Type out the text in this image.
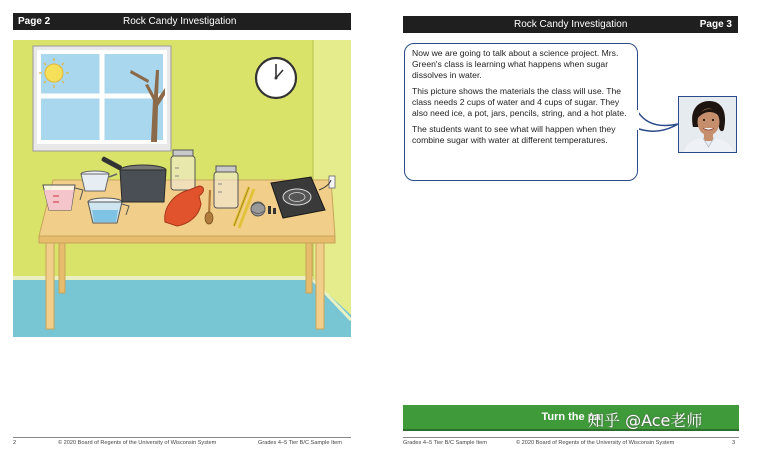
Page 2	Rock Candy Investigation	Rock Candy Investigation	Page 3

Now we are going to talk about a science project. Mrs. Green's class is learning what happens when sugar dissolves in water.

This picture shows the materials the class will use. The class needs 2 cups of water and 4 cups of sugar. They also need ice, a pot, jars, pencils, string, and a hot plate.

The students want to see what will happen when they combine sugar with water at different temperatures.

Turn the pa
知乎 @Ace老师
2	© 2020 Board of Regents of the University of Wisconsin System	Grades 4–5 Tier B/C Sample Item	Grades 4–5 Tier B/C Sample Item	© 2020 Board of Regents of the University of Wisconsin System	3
